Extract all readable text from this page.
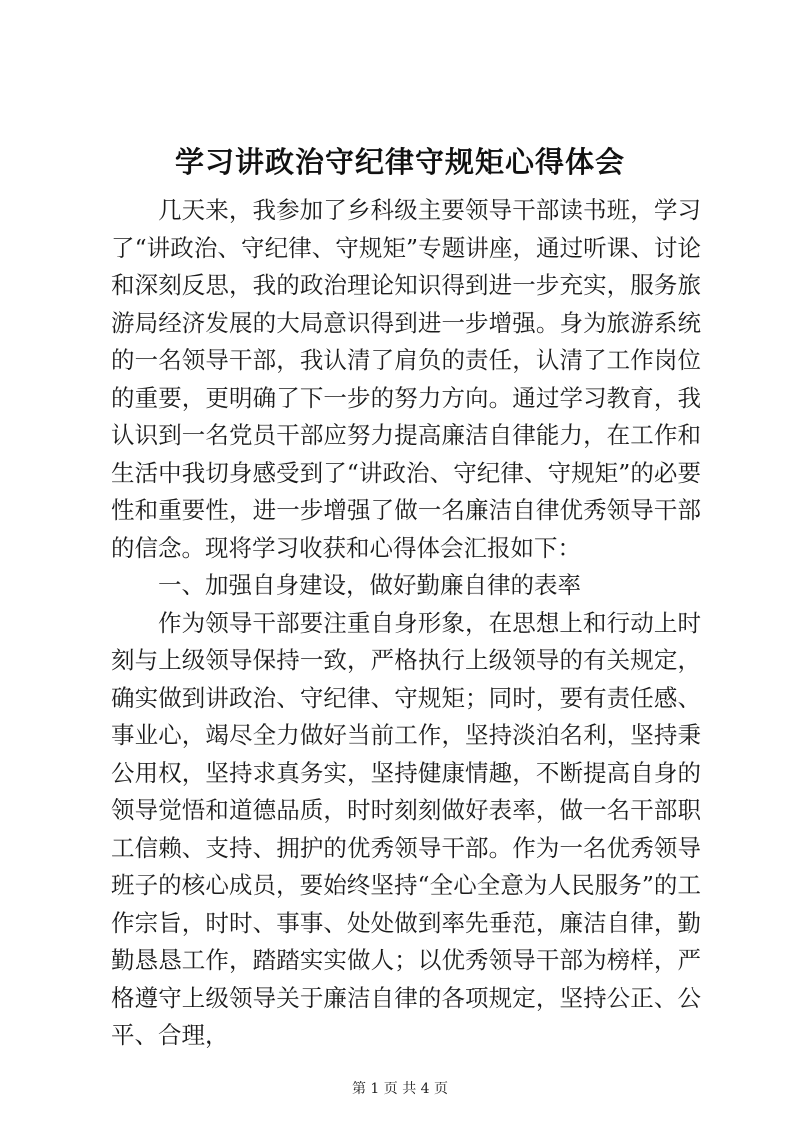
学习讲政治守纪律守规矩心得体会

几天来，我参加了乡科级主要领导干部读书班，学习了“讲政治、守纪律、守规矩”专题讲座，通过听课、讨论和深刻反思，我的政治理论知识得到进一步充实，服务旅游局经济发展的大局意识得到进一步增强。身为旅游系统的一名领导干部，我认清了肩负的责任，认清了工作岗位的重要，更明确了下一步的努力方向。通过学习教育，我认识到一名党员干部应努力提高廉洁自律能力，在工作和生活中我切身感受到了“讲政治、守纪律、守规矩”的必要性和重要性，进一步增强了做一名廉洁自律优秀领导干部的信念。现将学习收获和心得体会汇报如下：

一、加强自身建设，做好勤廉自律的表率

作为领导干部要注重自身形象，在思想上和行动上时刻与上级领导保持一致，严格执行上级领导的有关规定，确实做到讲政治、守纪律、守规矩；同时，要有责任感、事业心，竭尽全力做好当前工作，坚持淡泊名利，坚持秉公用权，坚持求真务实，坚持健康情趣，不断提高自身的领导觉悟和道德品质，时时刻刻做好表率，做一名干部职工信赖、支持、拥护的优秀领导干部。作为一名优秀领导班子的核心成员，要始终坚持“全心全意为人民服务”的工作宗旨，时时、事事、处处做到率先垂范，廉洁自律，勤勤恳恳工作，踏踏实实做人；以优秀领导干部为榜样，严格遵守上级领导关于廉洁自律的各项规定，坚持公正、公平、合理，

第 1 页 共 4 页
